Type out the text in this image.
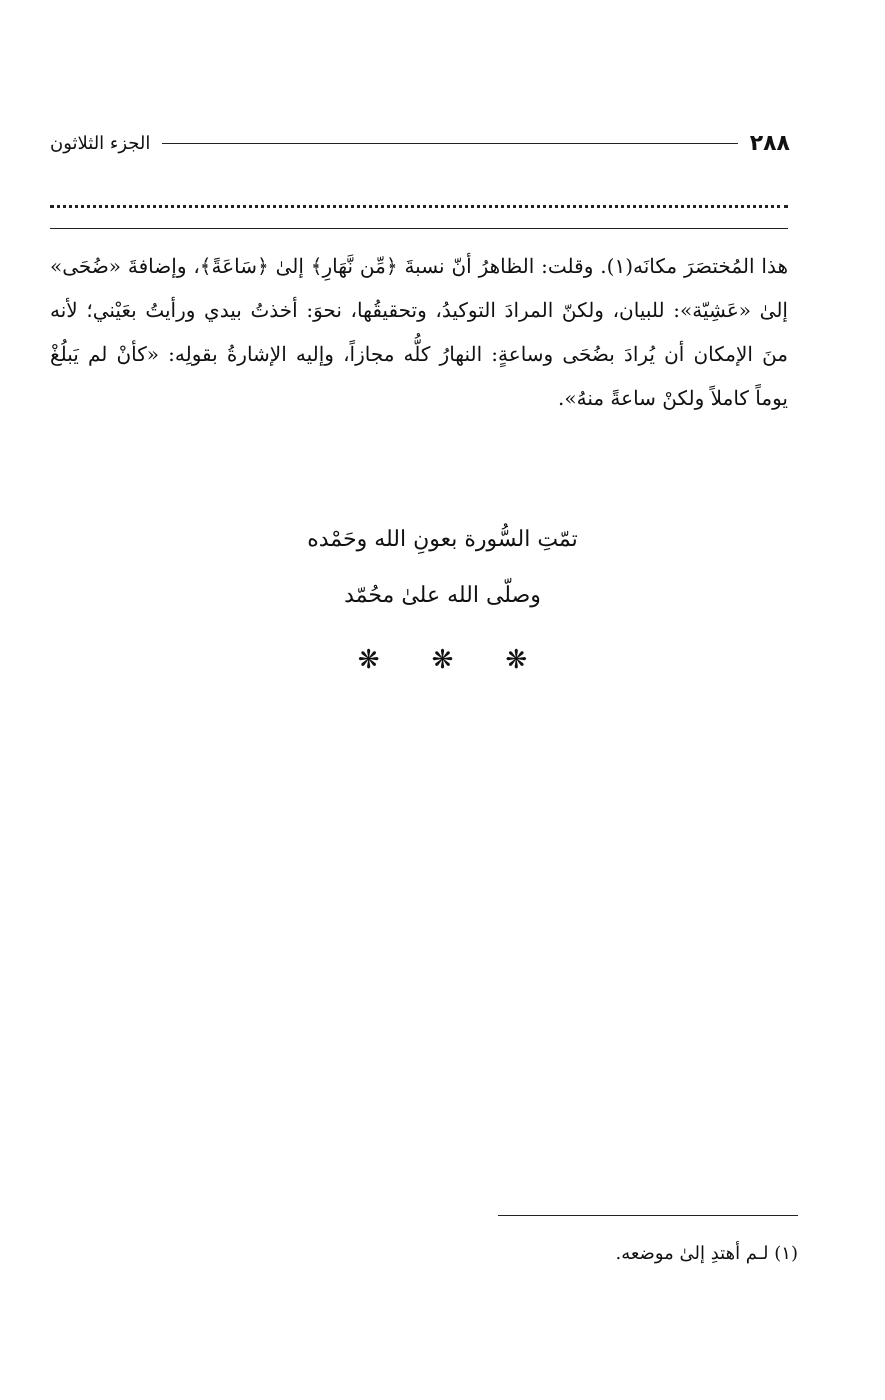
٢٨٨
الجزء الثلاثون

هذا المُختصَرَ مكانَه(١). وقلت: الظاهرُ أنّ نسبةَ ﴿مِّن نَّهَارِ﴾ إلىٰ ﴿سَاعَةً﴾، وإضافةَ «ضُحَى» إلىٰ «عَشِيّة»: للبيان، ولكنّ المرادَ التوكيدُ، وتحقيقُها، نحوَ: أخذتُ بيدي ورأيتُ بعَيْني؛ لأنه منَ الإمكان أن يُرادَ بضُحَى وساعةٍ: النهارُ كلُّه مجازاً، وإليه الإشارةُ بقولِه: «كأنْ لم يَبلُغْ يوماً كاملاً ولكنْ ساعةً منهُ».

تمّتِ السُّورة بعونِ الله وحَمْده

وصلّى الله علىٰ محُمّد

❋ ❋ ❋

(١) لـم أهتدِ إلىٰ موضعه.
